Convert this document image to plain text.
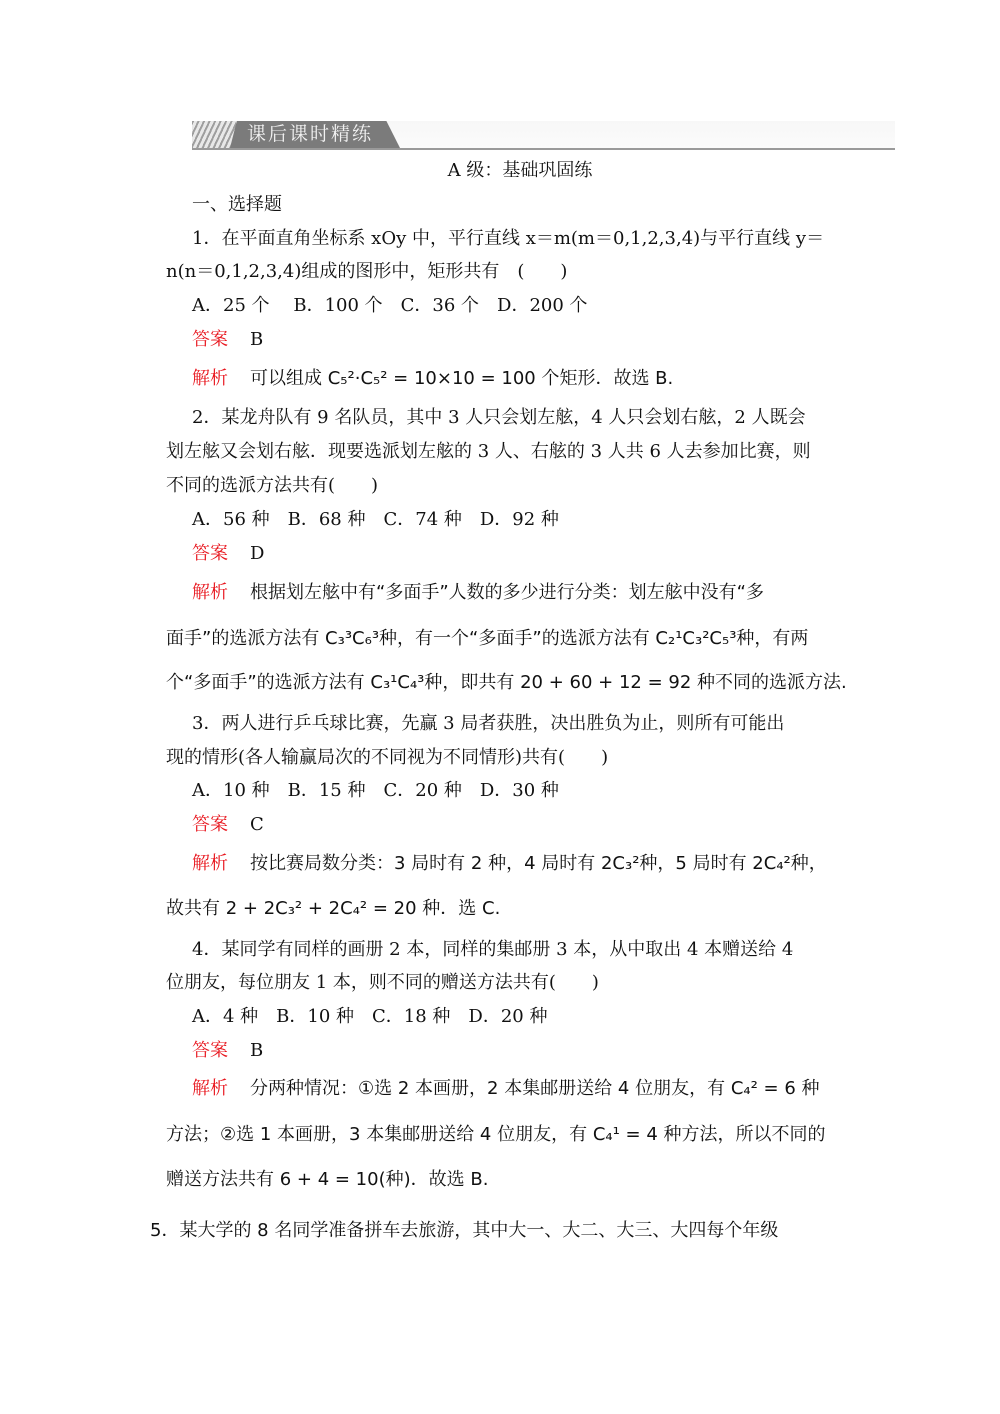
课后课时精练
A 级：基础巩固练
一、选择题
1．在平面直角坐标系 xOy 中，平行直线 x＝m(m＝0,1,2,3,4)与平行直线 y＝
n(n＝0,1,2,3,4)组成的图形中，矩形共有　(　　)
A．25 个　 B．100 个　C．36 个　D．200 个
答案 B
解析 可以组成 C₅²·C₅² = 10×10 = 100 个矩形．故选 B.
2．某龙舟队有 9 名队员，其中 3 人只会划左舷，4 人只会划右舷，2 人既会
划左舷又会划右舷．现要选派划左舷的 3 人、右舷的 3 人共 6 人去参加比赛，则
不同的选派方法共有(　　)
A．56 种　B．68 种　C．74 种　D．92 种
答案 D
解析 根据划左舷中有“多面手”人数的多少进行分类：划左舷中没有“多
面手”的选派方法有 C₃³C₆³种，有一个“多面手”的选派方法有 C₂¹C₃²C₅³种，有两
个“多面手”的选派方法有 C₃¹C₄³种，即共有 20 + 60 + 12 = 92 种不同的选派方法.
3．两人进行乒乓球比赛，先赢 3 局者获胜，决出胜负为止，则所有可能出
现的情形(各人输赢局次的不同视为不同情形)共有(　　)
A．10 种　B．15 种　C．20 种　D．30 种
答案 C
解析 按比赛局数分类：3 局时有 2 种，4 局时有 2C₃²种，5 局时有 2C₄²种，
故共有 2 + 2C₃² + 2C₄² = 20 种．选 C.
4．某同学有同样的画册 2 本，同样的集邮册 3 本，从中取出 4 本赠送给 4
位朋友，每位朋友 1 本，则不同的赠送方法共有(　　)
A．4 种　B．10 种　C．18 种　D．20 种
答案 B
解析 分两种情况：①选 2 本画册，2 本集邮册送给 4 位朋友，有 C₄² = 6 种
方法；②选 1 本画册，3 本集邮册送给 4 位朋友，有 C₄¹ = 4 种方法，所以不同的
赠送方法共有 6 + 4 = 10(种)．故选 B.
5．某大学的 8 名同学准备拼车去旅游，其中大一、大二、大三、大四每个年级
